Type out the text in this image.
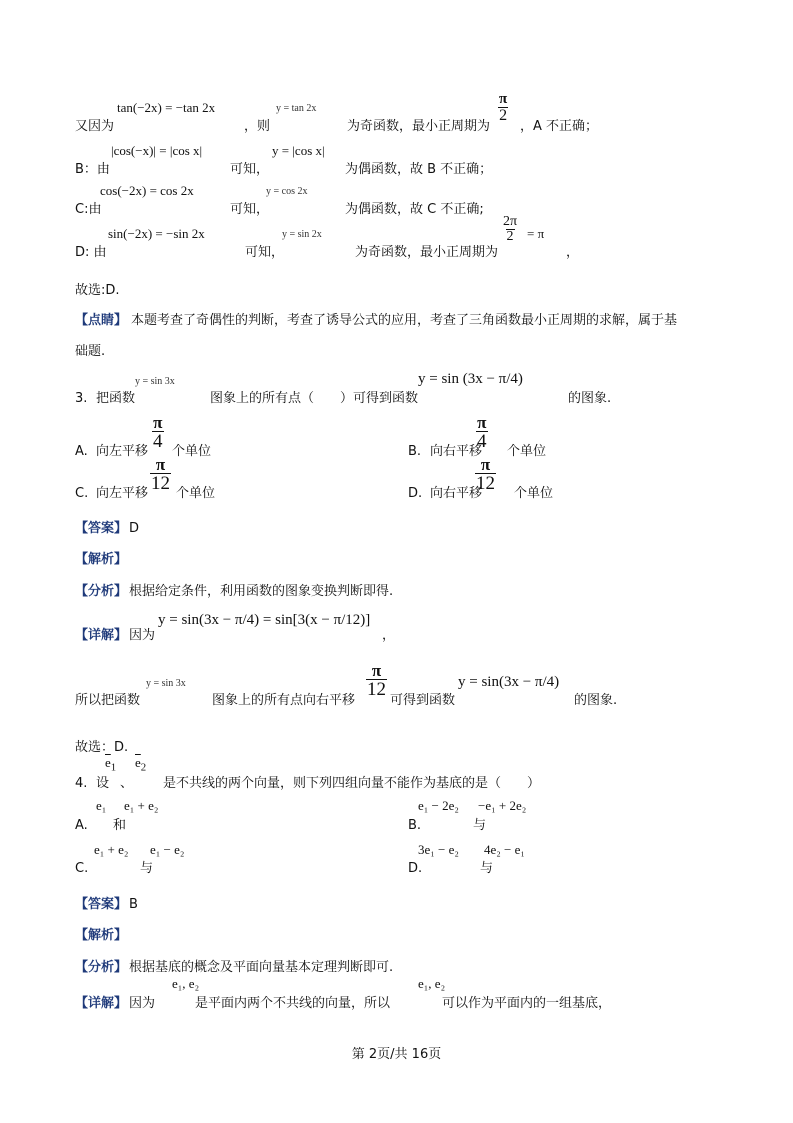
tan(−2x) = −tan 2x	y = tan 2x
又因为	，则	为奇函数，最小正周期为
$\frac{\pi}{2}$
，A 不正确；
|cos(−x)| = |cos x|	y = |cos x|
B：由	可知，	为偶函数，故 B 不正确；
cos(−2x) = cos 2x	y = cos 2x
C:由	可知，	为偶函数，故 C 不正确;
sin(−2x) = −sin 2x	y = sin 2x
D: 由	可知，	为奇函数，最小正周期为
$\frac{2\pi}{2} = \pi$
，
故选:D.
【点睛】 本题考查了奇偶性的判断，考查了诱导公式的应用，考查了三角函数最小正周期的求解，属于基
础题.
y = sin 3x
3. 把函数	图象上的所有点（　　）可得到函数
y = sin (3x − π/4)
的图象.
A. 向左平移
$\frac{\pi}{4}$
个单位	B. 向右平移
$\frac{\pi}{4}$
个单位
C. 向左平移
$\frac{\pi}{12}$
个单位	D. 向右平移
$\frac{\pi}{12}$
个单位
【答案】 D
【解析】
【分析】 根据给定条件，利用函数的图象变换判断即得.
【详解】 因为
y = sin(3x − π/4) = sin[3(x − π/12)]
，
y = sin 3x
所以把函数	图象上的所有点向右平移
$\frac{\pi}{12}$
可得到函数
y = sin(3x − π/4)
的图象.
故选：D.
$\overline{e}_1$ $\overline{e}_2$
4. 设 、 是不共线的两个向量，则下列四组向量不能作为基底的是（　　）
e₁ e₁ + e₂
A. 和
e₁ − 2e₂ −e₁ + 2e₂
B.	与
e₁ + e₂ e₁ − e₂
C.	与
3e₁ − e₂ 4e₂ − e₁
D.	与
【答案】 B
【解析】
【分析】 根据基底的概念及平面向量基本定理判断即可.
e₁, e₂	e₁, e₂
【详解】 因为	是平面内两个不共线的向量，所以	可以作为平面内的一组基底，
第 2页/共 16页
